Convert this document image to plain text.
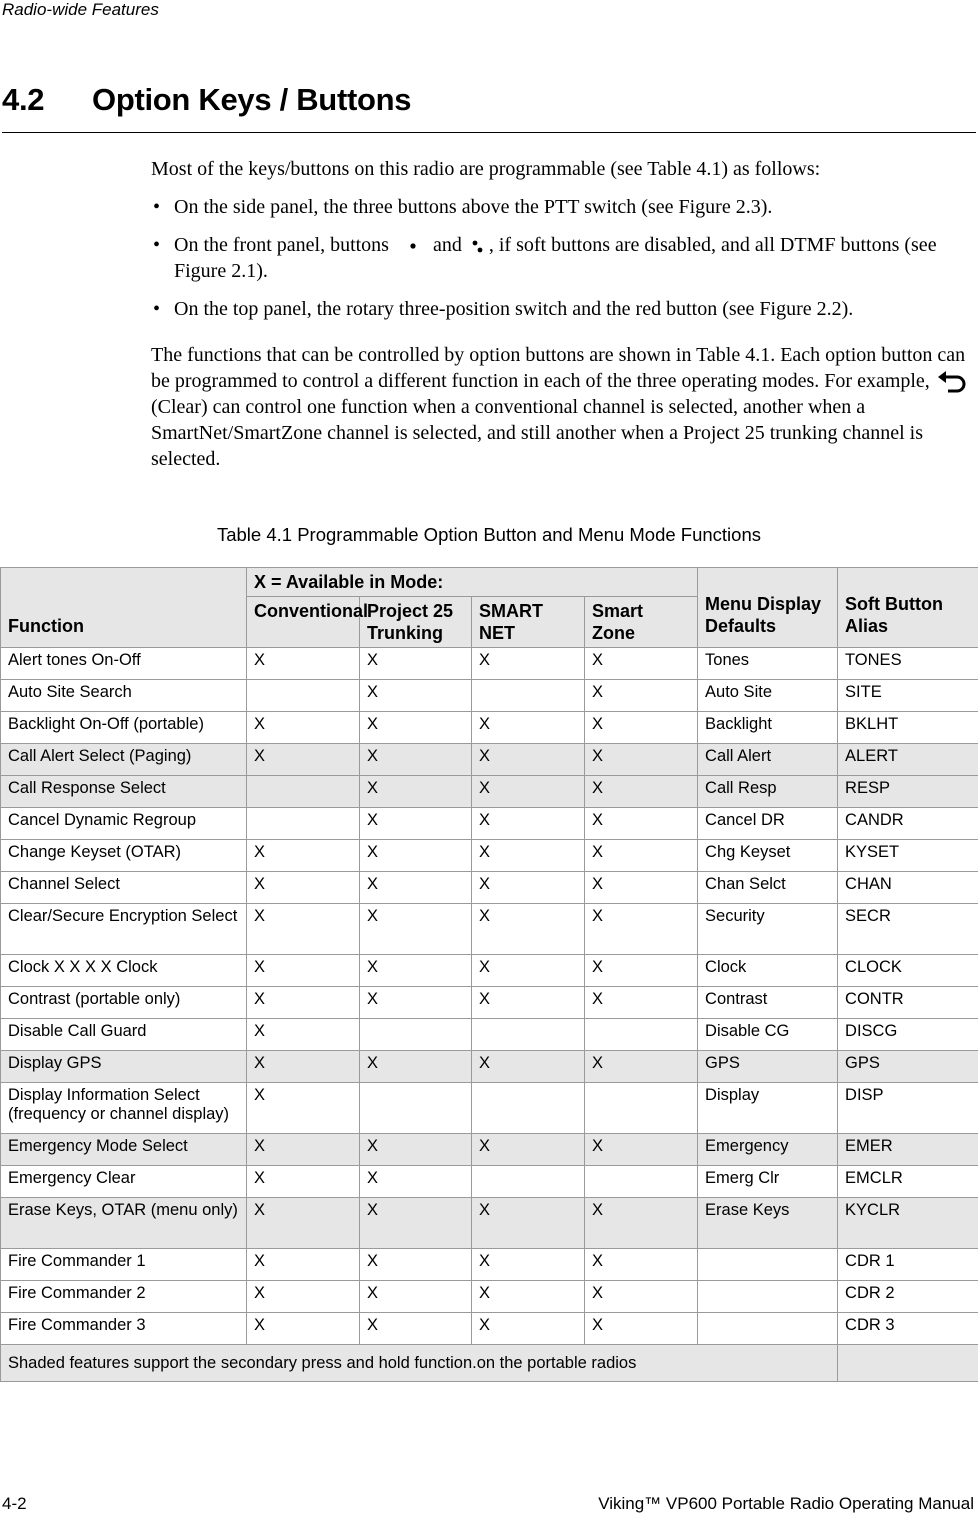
Radio-wide Features
4.2 Option Keys / Buttons

Most of the keys/buttons on this radio are programmable (see Table 4.1) as follows:

• On the side panel, the three buttons above the PTT switch (see Figure 2.3).

• On the front panel, buttons and , if soft buttons are disabled, and all DTMF buttons (see Figure 2.1).

• On the top panel, the rotary three-position switch and the red button (see Figure 2.2).

The functions that can be controlled by option buttons are shown in Table 4.1. Each option button can be programmed to control a different function in each of the three operating modes. For example,  (Clear) can control one function when a conventional channel is selected, another when a SmartNet/SmartZone channel is selected, and still another when a Project 25 trunking channel is selected.

Table 4.1 Programmable Option Button and Menu Mode Functions
Function	X = Available in Mode:				Menu Display Defaults	Soft Button Alias
	Conventional	Project 25 Trunking	SMART NET	Smart Zone		
Alert tones On-Off	X	X	X	X	Tones	TONES
Auto Site Search		X		X	Auto Site	SITE
Backlight On-Off (portable)	X	X	X	X	Backlight	BKLHT
Call Alert Select (Paging)	X	X	X	X	Call Alert	ALERT
Call Response Select		X	X	X	Call Resp	RESP
Cancel Dynamic Regroup		X	X	X	Cancel DR	CANDR
Change Keyset (OTAR)	X	X	X	X	Chg Keyset	KYSET
Channel Select	X	X	X	X	Chan Selct	CHAN
Clear/Secure Encryption Select	X	X	X	X	Security	SECR
Clock X X X X Clock	X	X	X	X	Clock	CLOCK
Contrast (portable only)	X	X	X	X	Contrast	CONTR
Disable Call Guard	X				Disable CG	DISCG
Display GPS	X	X	X	X	GPS	GPS
Display Information Select (frequency or channel display)	X				Display	DISP
Emergency Mode Select	X	X	X	X	Emergency	EMER
Emergency Clear	X	X			Emerg Clr	EMCLR
Erase Keys, OTAR (menu only)	X	X	X	X	Erase Keys	KYCLR
Fire Commander 1	X	X	X	X		CDR 1
Fire Commander 2	X	X	X	X		CDR 2
Fire Commander 3	X	X	X	X		CDR 3
Shaded features support the secondary press and hold function.on the portable radios						
4-2	Viking™ VP600 Portable Radio Operating Manual
